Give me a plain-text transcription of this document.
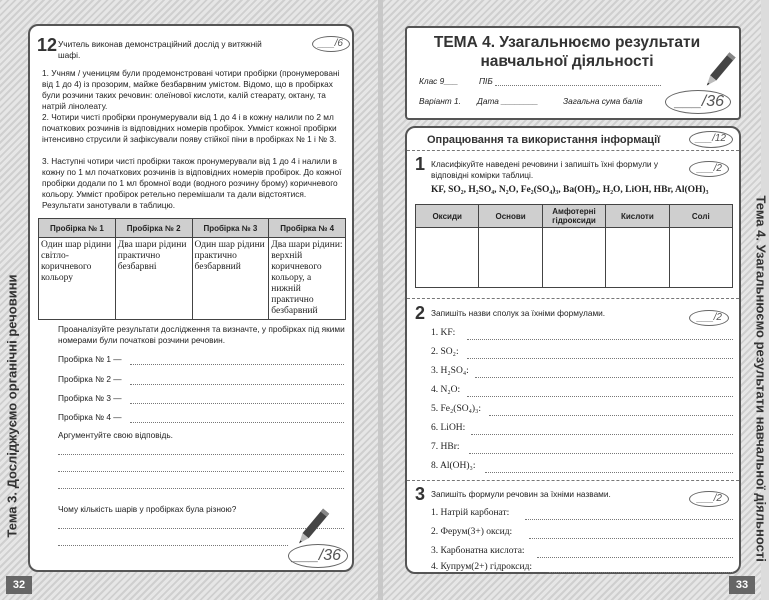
Тема 3. Досліджуємо органічні речовини
12 Учитель виконав демонстраційний дослід у витяжній шафі.
___/6
1. Учням / ученицям були продемонстровані чотири пробірки (пронумеровані від 1 до 4) із прозорим, майже безбарвним умістом. Відомо, що в пробірках були розчини таких речовин: олеїнової кислоти, калій стеарату, октану, та натрій лінолеату.
2. Чотири чисті пробірки пронумерували від 1 до 4 і в кожну налили по 2 мл початкових розчинів із відповідних номерів пробірок. Умміст кожної пробірки інтенсивно струсили й зафіксували появу стійкої піни в пробірках № 1 і № 3.
3. Наступні чотири чисті пробірки також пронумерували від 1 до 4 і налили в кожну по 1 мл початкових розчинів із відповідних номерів пробірок. До кожної пробірки додали по 1 мл бромної води (водного розчину брому) коричневого кольору. Умміст пробірок ретельно перемішали та дали відстоятися. Результати занотували в таблицю.
Пробірка № 1	Пробірка № 2	Пробірка № 3	Пробірка № 4
Один шар рідини світло-коричневого кольору	Два шари рідини практично безбарвні	Один шар рідини практично безбарвний	Два шари рідини: верхній коричневого кольору, а нижній практично безбарвний
Проаналізуйте результати дослідження та визначте, у пробірках під якими номерами були початкові розчини речовин.
Пробірка № 1 —
Пробірка № 2 —
Пробірка № 3 —
Пробірка № 4 —
Аргументуйте свою відповідь.
Чому кількість шарів у пробірках була різною?
___/36
32
Тема 4. Узагальнюємо результати навчальної діяльності
ТЕМА 4. Узагальнюємо результати
навчальної діяльності
Клас 9___	ПІБ
Варіант 1. Дата ________	Загальна сума балів	___/36
Опрацювання та використання інформації	___/12
1 Класифікуйте наведені речовини і запишіть їхні формули у відповідні комірки таблиці.
___/2
KF, SO₂, H₂SO₄, N₂O, Fe₂(SO₄)₃, Ba(OH)₂, H₂O, LiOH, HBr, Al(OH)₃
Оксиди	Основи	Амфотерні гідроксиди	Кислоти	Солі

2 Запишіть назви сполук за їхніми формулами.	___/2
1. KF:
2. SO₂:
3. H₂SO₄:
4. N₂O:
5. Fe₂(SO₄)₃:
6. LiOH:
7. HBr:
8. Al(OH)₃:
3 Запишіть формули речовин за їхніми назвами.	___/2
1. Натрій карбонат:
2. Ферум(3+) оксид:
3. Карбонатна кислота:
4. Купрум(2+) гідроксид:
33
